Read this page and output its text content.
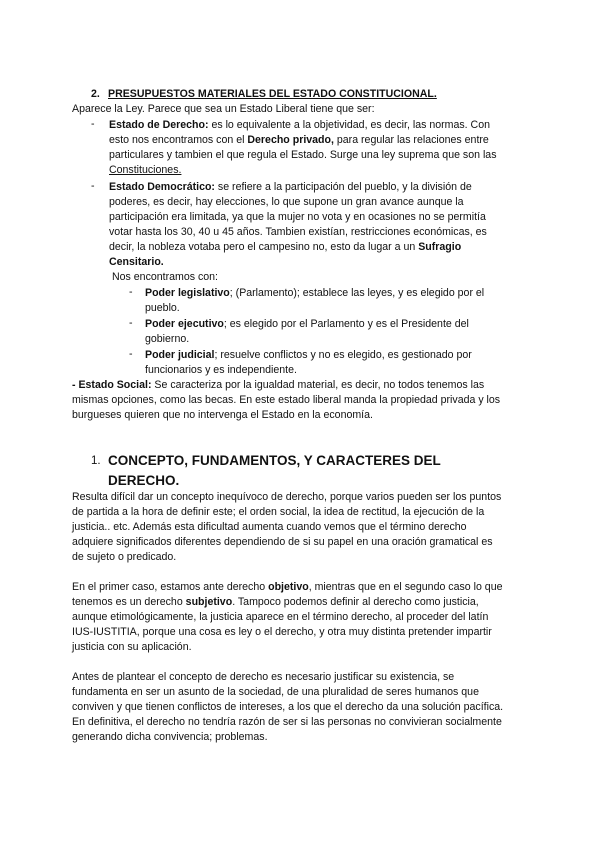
2. PRESUPUESTOS MATERIALES DEL ESTADO CONSTITUCIONAL.
Aparece la Ley. Parece que sea un Estado Liberal tiene que ser:
- Estado de Derecho: es lo equivalente a la objetividad, es decir, las normas. Con
esto nos encontramos con el Derecho privado, para regular las relaciones entre
particulares y tambien el que regula el Estado. Surge una ley suprema que son las
Constituciones.
- Estado Democrático: se refiere a la participación del pueblo, y la división de
poderes, es decir, hay elecciones, lo que supone un gran avance aunque la
participación era limitada, ya que la mujer no vota y en ocasiones no se permitía
votar hasta los 30, 40 u 45 años. Tambien existían, restricciones económicas, es
decir, la nobleza votaba pero el campesino no, esto da lugar a un Sufragio
Censitario.
Nos encontramos con:
- Poder legislativo; (Parlamento); establece las leyes, y es elegido por el
pueblo.
- Poder ejecutivo; es elegido por el Parlamento y es el Presidente del
gobierno.
- Poder judicial; resuelve conflictos y no es elegido, es gestionado por
funcionarios y es independiente.
- Estado Social: Se caracteriza por la igualdad material, es decir, no todos tenemos las
mismas opciones, como las becas. En este estado liberal manda la propiedad privada y los
burgueses quieren que no intervenga el Estado en la economía.
1. CONCEPTO, FUNDAMENTOS, Y CARACTERES DEL
DERECHO.
Resulta difícil dar un concepto inequívoco de derecho, porque varios pueden ser los puntos
de partida a la hora de definir este; el orden social, la idea de rectitud, la ejecución de la
justicia.. etc. Además esta dificultad aumenta cuando vemos que el término derecho
adquiere significados diferentes dependiendo de si su papel en una oración gramatical es
de sujeto o predicado.
En el primer caso, estamos ante derecho objetivo, mientras que en el segundo caso lo que
tenemos es un derecho subjetivo. Tampoco podemos definir al derecho como justicia,
aunque etimológicamente, la justicia aparece en el término derecho, al proceder del latín
IUS-IUSTITIA, porque una cosa es ley o el derecho, y otra muy distinta pretender impartir
justicia con su aplicación.
Antes de plantear el concepto de derecho es necesario justificar su existencia, se
fundamenta en ser un asunto de la sociedad, de una pluralidad de seres humanos que
conviven y que tienen conflictos de intereses, a los que el derecho da una solución pacífica.
En definitiva, el derecho no tendría razón de ser si las personas no convivieran socialmente
generando dicha convivencia; problemas.
